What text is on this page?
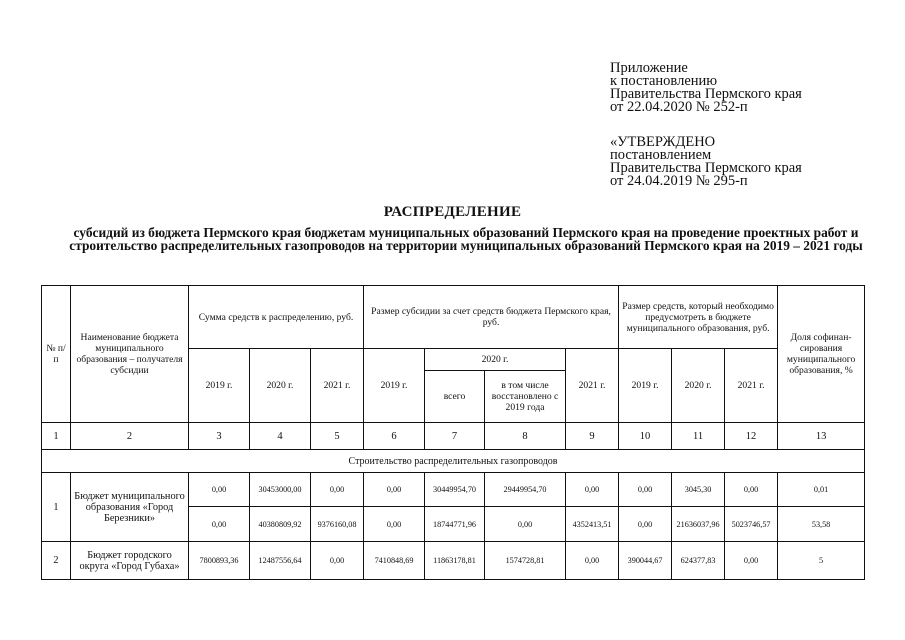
Приложение
к постановлению
Правительства Пермского края
от 22.04.2020 № 252-п
«УТВЕРЖДЕНО
постановлением
Правительства Пермского края
от 24.04.2019 № 295-п
РАСПРЕДЕЛЕНИЕ
субсидий из бюджета Пермского края бюджетам муниципальных образований Пермского края на проведение проектных работ и строительство распределительных газопроводов на территории муниципальных образований Пермского края на 2019 – 2021 годы
№ п/п	Наименование бюджета муниципального образования – получателя субсидии	Сумма средств к распределению, руб.			Размер субсидии за счет средств бюджета Пермского края, руб.				Размер средств, который необходимо предусмотреть в бюджете муниципального образования, руб.			Доля софинан-сирования муниципального образования, %
		2019 г.	2020 г.	2021 г.	2019 г.	2020 г.		2021 г.	2019 г.	2020 г.	2021 г.	
						всего	в том числе восстановлено с 2019 года					
1	2	3	4	5	6	7	8	9	10	11	12	13
Строительство распределительных газопроводов												
1	Бюджет муниципального образования «Город Березники»	0,00	30453000,00	0,00	0,00	30449954,70	29449954,70	0,00	0,00	3045,30	0,00	0,01
		0,00	40380809,92	9376160,08	0,00	18744771,96	0,00	4352413,51	0,00	21636037,96	5023746,57	53,58
2	Бюджет городского округа «Город Губаха»	7800893,36	12487556,64	0,00	7410848,69	11863178,81	1574728,81	0,00	390044,67	624377,83	0,00	5
